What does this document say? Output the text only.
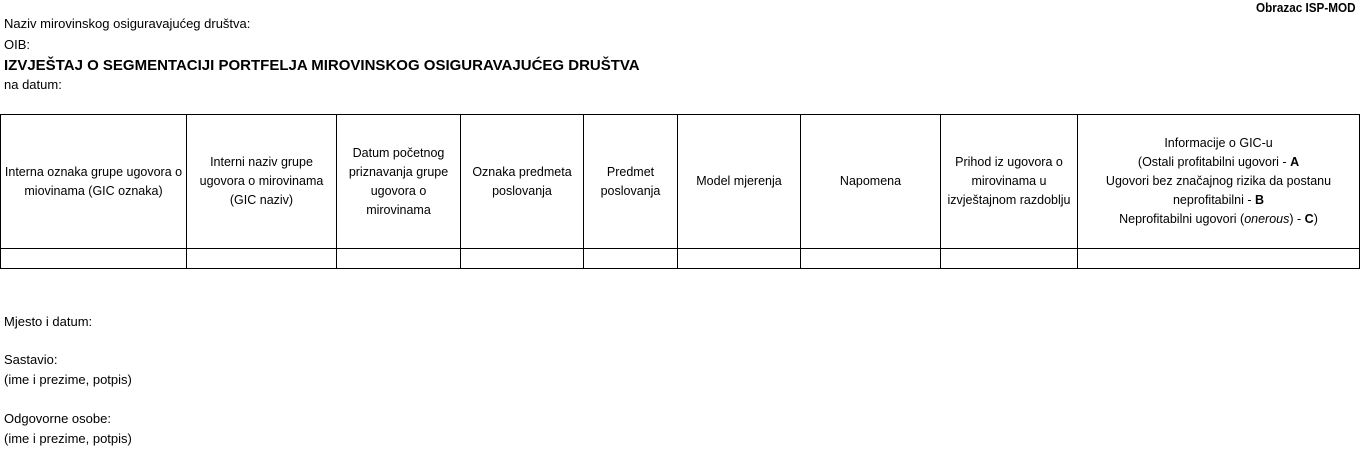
Obrazac ISP-MOD
Naziv mirovinskog osiguravajućeg društva:
OIB:
IZVJEŠTAJ O SEGMENTACIJI PORTFELJA MIROVINSKOG OSIGURAVAJUĆEG DRUŠTVA
na datum:
Interna oznaka grupe ugovora o miovinama (GIC oznaka)	Interni naziv grupe ugovora o mirovinama (GIC naziv)	Datum početnog priznavanja grupe ugovora o mirovinama	Oznaka predmeta poslovanja	Predmet poslovanja	Model mjerenja	Napomena	Prihod iz ugovora o mirovinama u izvještajnom razdoblju	Informacije o GIC-u
(Ostali profitabilni ugovori - A
Ugovori bez značajnog rizika da postanu neprofitabilni - B
Neprofitabilni ugovori (onerous) - C)

Mjesto i datum:
Sastavio:
(ime i prezime, potpis)
Odgovorne osobe:
(ime i prezime, potpis)
